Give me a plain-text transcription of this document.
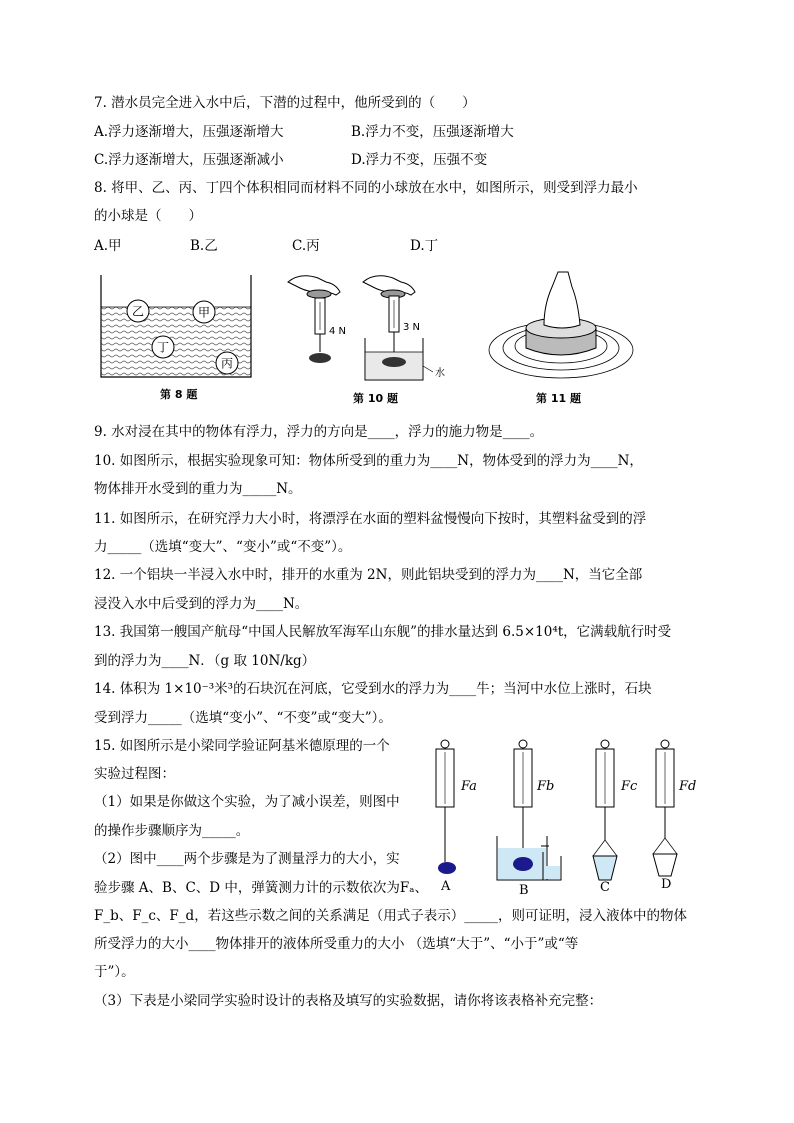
7. 潜水员完全进入水中后，下潜的过程中，他所受到的（　　）
A.浮力逐渐增大，压强逐渐增大	B.浮力不变，压强逐渐增大
C.浮力逐渐增大，压强逐渐减小	D.浮力不变，压强不变
8. 将甲、乙、丙、丁四个体积相同而材料不同的小球放在水中，如图所示，则受到浮力最小
的小球是（　　）
A.甲	B.乙	C.丙	D.丁
乙	甲
丁
丙
第 8 题
4 N	3 N
水
第 10 题	第 11 题
9. 水对浸在其中的物体有浮力，浮力的方向是____，浮力的施力物是____。
10. 如图所示，根据实验现象可知：物体所受到的重力为____N，物体受到的浮力为____N，
物体排开水受到的重力为_____N。
11. 如图所示，在研究浮力大小时，将漂浮在水面的塑料盆慢慢向下按时，其塑料盆受到的浮
力_____（选填“变大”、“变小”或“不变”）。
12. 一个铝块一半浸入水中时，排开的水重为 2N，则此铝块受到的浮力为____N，当它全部
浸没入水中后受到的浮力为____N。
13. 我国第一艘国产航母“中国人民解放军海军山东舰”的排水量达到 6.5×10⁴t，它满载航行时受
到的浮力为____N．（g 取 10N/kg）
14. 体积为 1×10⁻³米³的石块沉在河底，它受到水的浮力为____牛；当河中水位上涨时，石块
受到浮力_____（选填“变小”、“不变”或“变大”）。
15. 如图所示是小梁同学验证阿基米德原理的一个
实验过程图：
（1）如果是你做这个实验，为了减小误差，则图中
的操作步骤顺序为_____。
（2）图中____两个步骤是为了测量浮力的大小，实
验步骤 A、B、C、D 中，弹簧测力计的示数依次为Fₐ、
F_b、F_c、F_d，若这些示数之间的关系满足（用式子表示）_____，则可证明，浸入液体中的物体
所受浮力的大小____物体排开的液体所受重力的大小 （选填“大于”、“小于”或“等
于”）。
（3）下表是小梁同学实验时设计的表格及填写的实验数据，请你将该表格补充完整：
Fa
A
Fb
B
Fc
C
Fd
D
